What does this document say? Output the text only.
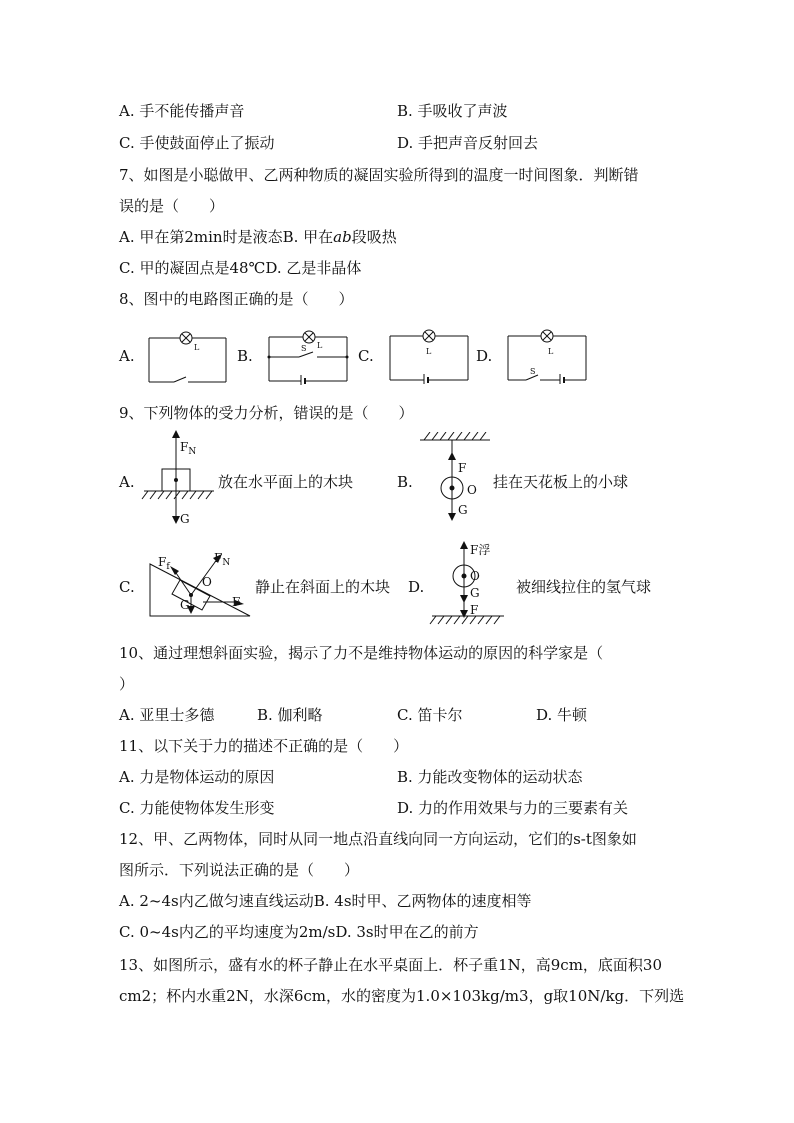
A. 手不能传播声音	B. 手吸收了声波
C. 手使鼓面停止了振动	D. 手把声音反射回去
7、如图是小聪做甲、乙两种物质的凝固实验所得到的温度一时间图象．判断错
误的是（　　）
A. 甲在第2min时是液态B. 甲在ab段吸热
C. 甲的凝固点是48℃D. 乙是非晶体
8、图中的电路图正确的是（　　）
A.	L	B.
L
S	C.	L	D.	L
S
9、下列物体的受力分析，错误的是（　　）
A.
$F_N$
G
放在水平面上的木块	B.
F
O
G
挂在天花板上的小球
C.
$F_f$
$F_N$
O
G	F
静止在斜面上的木块 D.
F浮
O
G
F
被细线拉住的氢气球
10、通过理想斜面实验，揭示了力不是维持物体运动的原因的科学家是（
）
A. 亚里士多德	B. 伽利略	C. 笛卡尔	D. 牛顿
11、以下关于力的描述不正确的是（　　）
A. 力是物体运动的原因	B. 力能改变物体的运动状态
C. 力能使物体发生形变	D. 力的作用效果与力的三要素有关
12、甲、乙两物体，同时从同一地点沿直线向同一方向运动，它们的s-t图象如
图所示．下列说法正确的是（　　）
A. 2~4s内乙做匀速直线运动B. 4s时甲、乙两物体的速度相等
C. 0~4s内乙的平均速度为2m/sD. 3s时甲在乙的前方
13、如图所示，盛有水的杯子静止在水平桌面上．杯子重1N，高9cm，底面积30
cm2；杯内水重2N，水深6cm，水的密度为1.0×103kg/m3，g取10N/kg．下列选
